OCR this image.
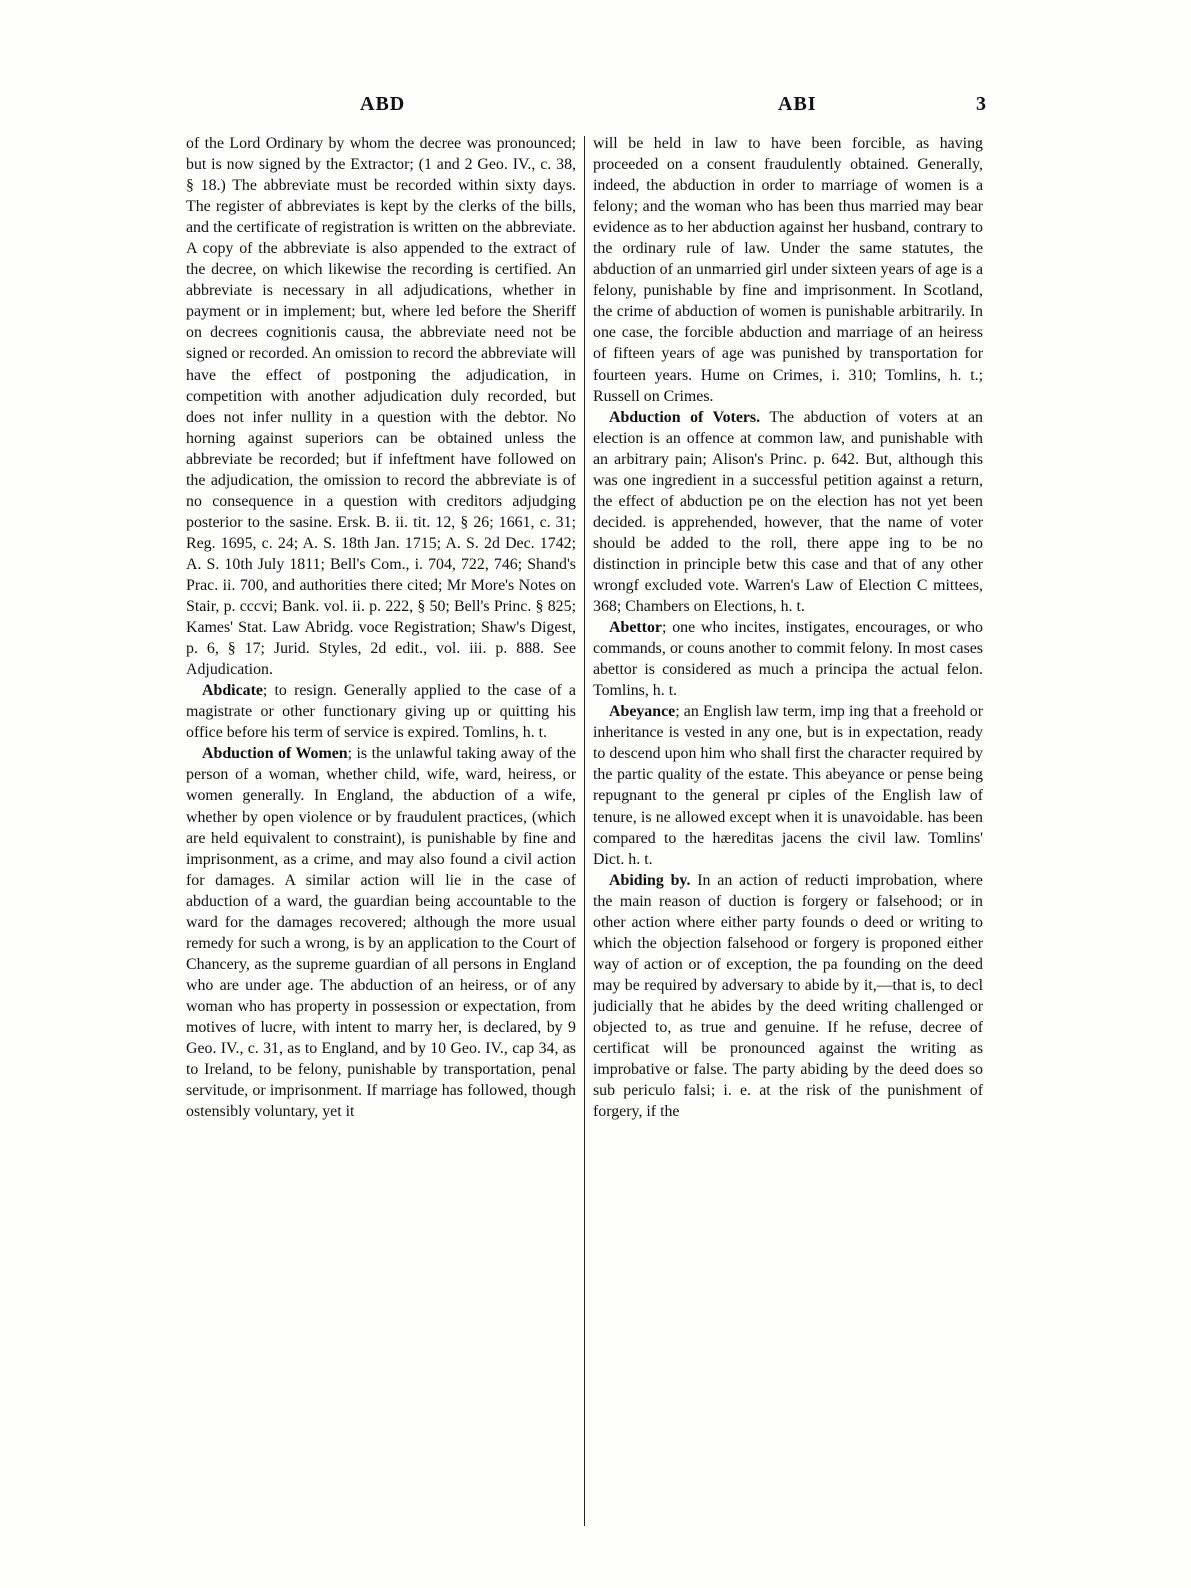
ABD	ABI	3

of the Lord Ordinary by whom the decree was pronounced; but is now signed by the Extractor; (1 and 2 Geo. IV., c. 38, § 18.) The abbreviate must be recorded within sixty days. The register of abbreviates is kept by the clerks of the bills, and the certificate of registration is written on the abbreviate. A copy of the abbreviate is also appended to the extract of the decree, on which likewise the recording is certified. An abbreviate is necessary in all adjudications, whether in payment or in implement; but, where led before the Sheriff on decrees cognitionis causa, the abbreviate need not be signed or recorded. An omission to record the abbreviate will have the effect of postponing the adjudication, in competition with another adjudication duly recorded, but does not infer nullity in a question with the debtor. No horning against superiors can be obtained unless the abbreviate be recorded; but if infeftment have followed on the adjudication, the omission to record the abbreviate is of no consequence in a question with creditors adjudging posterior to the sasine. Ersk. B. ii. tit. 12, § 26; 1661, c. 31; Reg. 1695, c. 24; A. S. 18th Jan. 1715; A. S. 2d Dec. 1742; A. S. 10th July 1811; Bell's Com., i. 704, 722, 746; Shand's Prac. ii. 700, and authorities there cited; Mr More's Notes on Stair, p. cccvi; Bank. vol. ii. p. 222, § 50; Bell's Princ. § 825; Kames' Stat. Law Abridg. voce Registration; Shaw's Digest, p. 6, § 17; Jurid. Styles, 2d edit., vol. iii. p. 888. See Adjudication.

Abdicate; to resign. Generally applied to the case of a magistrate or other functionary giving up or quitting his office before his term of service is expired. Tomlins, h. t.

Abduction of Women; is the unlawful taking away of the person of a woman, whether child, wife, ward, heiress, or women generally. In England, the abduction of a wife, whether by open violence or by fraudulent practices, (which are held equivalent to constraint), is punishable by fine and imprisonment, as a crime, and may also found a civil action for damages. A similar action will lie in the case of abduction of a ward, the guardian being accountable to the ward for the damages recovered; although the more usual remedy for such a wrong, is by an application to the Court of Chancery, as the supreme guardian of all persons in England who are under age. The abduction of an heiress, or of any woman who has property in possession or expectation, from motives of lucre, with intent to marry her, is declared, by 9 Geo. IV., c. 31, as to England, and by 10 Geo. IV., cap 34, as to Ireland, to be felony, punishable by transportation, penal servitude, or imprisonment. If marriage has followed, though ostensibly voluntary, yet it

will be held in law to have been forcible, as having proceeded on a consent fraudulently obtained. Generally, indeed, the abduction in order to marriage of women is a felony; and the woman who has been thus married may bear evidence as to her abduction against her husband, contrary to the ordinary rule of law. Under the same statutes, the abduction of an unmarried girl under sixteen years of age is a felony, punishable by fine and imprisonment. In Scotland, the crime of abduction of women is punishable arbitrarily. In one case, the forcible abduction and marriage of an heiress of fifteen years of age was punished by transportation for fourteen years. Hume on Crimes, i. 310; Tomlins, h. t.; Russell on Crimes.

Abduction of Voters. The abduction of voters at an election is an offence at common law, and punishable with an arbitrary pain; Alison's Princ. p. 642. But, although this was one ingredient in a successful petition against a return, the effect of abduction pe on the election has not yet been decided. is apprehended, however, that the name of voter should be added to the roll, there appe ing to be no distinction in principle betw this case and that of any other wrongf excluded vote. Warren's Law of Election C mittees, 368; Chambers on Elections, h. t.

Abettor; one who incites, instigates, encourages, or who commands, or couns another to commit felony. In most cases abettor is considered as much a principa the actual felon. Tomlins, h. t.

Abeyance; an English law term, imp ing that a freehold or inheritance is vested in any one, but is in expectation, ready to descend upon him who shall first the character required by the partic quality of the estate. This abeyance or pense being repugnant to the general pr ciples of the English law of tenure, is ne allowed except when it is unavoidable. has been compared to the hæreditas jacens the civil law. Tomlins' Dict. h. t.

Abiding by. In an action of reducti improbation, where the main reason of duction is forgery or falsehood; or in other action where either party founds o deed or writing to which the objection falsehood or forgery is proponed either way of action or of exception, the pa founding on the deed may be required by adversary to abide by it,—that is, to decl judicially that he abides by the deed writing challenged or objected to, as true and genuine. If he refuse, decree of certificat will be pronounced against the writing as improbative or false. The party abiding by the deed does so sub periculo falsi; i. e. at the risk of the punishment of forgery, if the
